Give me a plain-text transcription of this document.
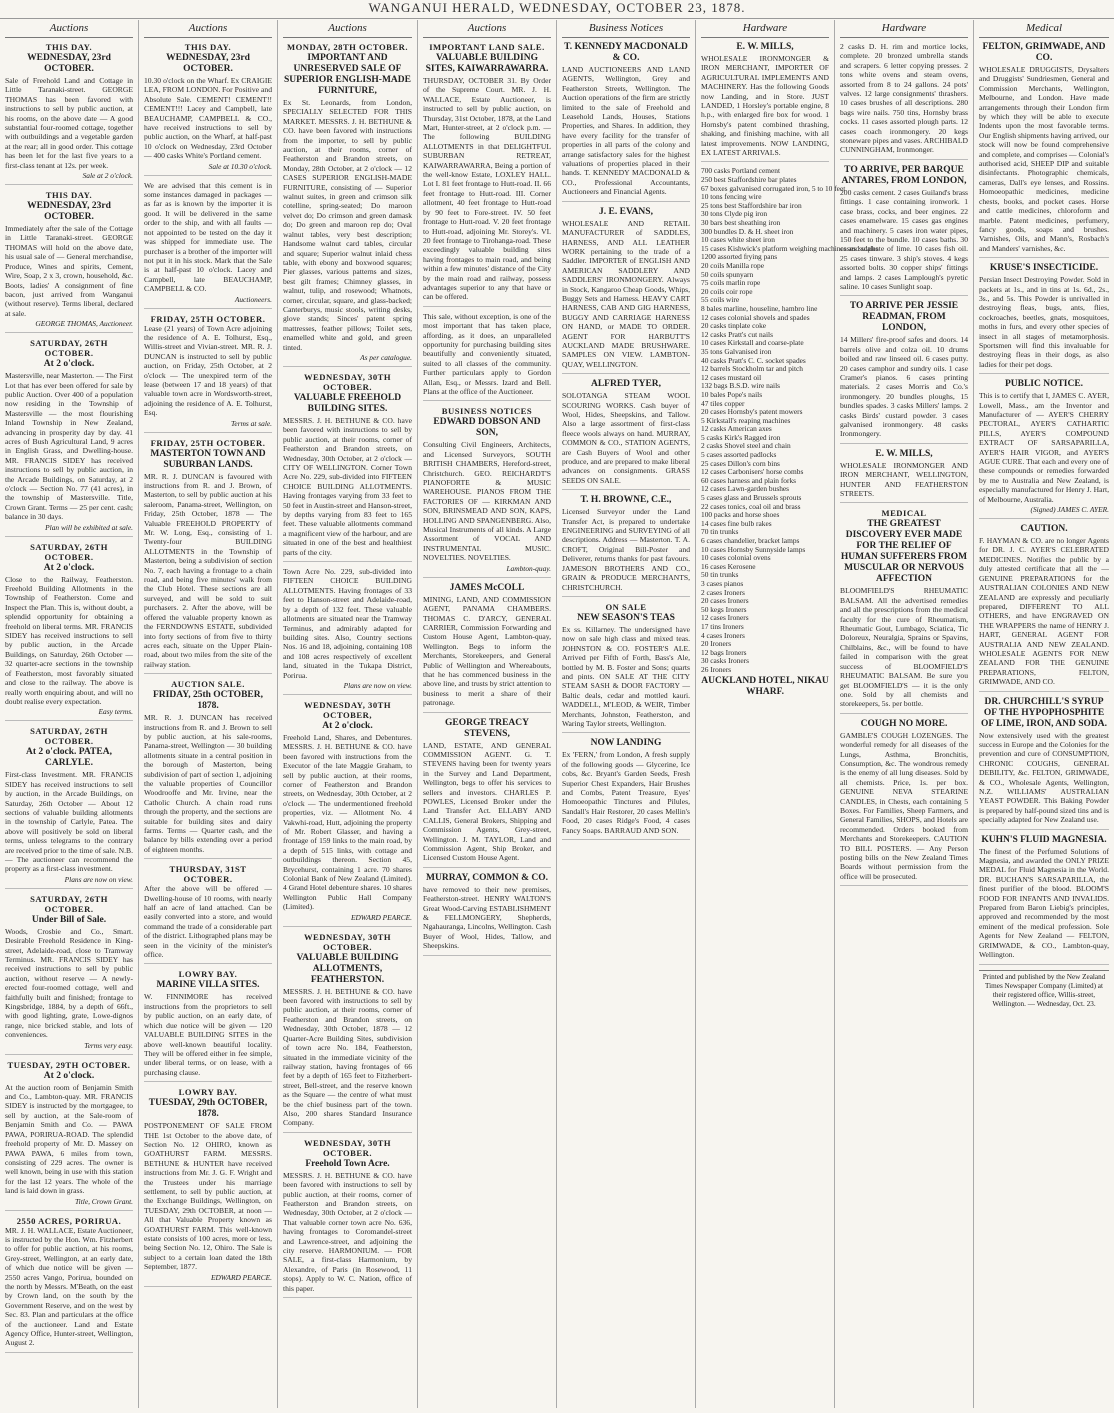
WANGANUI HERALD, WEDNESDAY, OCTOBER 23, 1878.
Auctions
THIS DAY.
WEDNESDAY, 23rd OCTOBER.
Sale of Freehold Land and Cottage in Little Taranaki-street. GEORGE THOMAS has been favored with instructions to sell by public auction, at his rooms, on the above date — A good substantial four-roomed cottage, together with outbuildings and a vegetable garden at the rear; all in good order. This cottage has been let for the last five years to a first-class tenant at 12s. per week.
Sale at 2 o'clock.
THIS DAY.
WEDNESDAY, 23rd OCTOBER.
Immediately after the sale of the Cottage in Little Taranaki-street. GEORGE THOMAS will hold on the above date, his usual sale of — General merchandise, Produce, Wines and spirits, Cement, Wire, Soap, 2 x 3, crown, household, &c. Boots, ladies' A consignment of fine bacon, just arrived from Wanganui (without reserve). Terms liberal, declared at sale.
GEORGE THOMAS, Auctioneer.
SATURDAY, 26TH OCTOBER.
At 2 o'clock.
Mastersville, near Masterton. — The First Lot that has ever been offered for sale by public Auction. Over 400 of a population now residing in the Township of Mastersville — the most flourishing Inland Township in New Zealand, advancing in prosperity day by day. 41 acres of Bush Agricultural Land, 9 acres in English Grass, and Dwelling-house. MR. FRANCIS SIDEY has received instructions to sell by public auction, in the Arcade Buildings, on Saturday, at 2 o'clock — Section No. 77 (41 acres), in the township of Mastersville. Title, Crown Grant. Terms — 25 per cent. cash; balance in 30 days.
Plan will be exhibited at sale.
SATURDAY, 26TH OCTOBER.
At 2 o'clock.
Close to the Railway, Featherston. Freehold Building Allotments in the Township of Featherston. Come and Inspect the Plan. This is, without doubt, a splendid opportunity for obtaining a freehold on liberal terms. MR. FRANCIS SIDEY has received instructions to sell by public auction, in the Arcade Buildings, on Saturday, 26th October — 32 quarter-acre sections in the township of Featherston, most favorably situated and close to the railway. The above is really worth enquiring about, and will no doubt realise every expectation.
Easy terms.
SATURDAY, 26TH OCTOBER.
At 2 o'clock. PATEA, CARLYLE.
First-class Investment. MR. FRANCIS SIDEY has received instructions to sell by auction, in the Arcade Buildings, on Saturday, 26th October — About 12 sections of valuable building allotments in the township of Carlyle, Patea. The above will positively be sold on liberal terms, unless telegrams to the contrary are received prior to the time of sale. N.B. — The auctioneer can recommend the property as a first-class investment.
Plans are now on view.
SATURDAY, 26TH OCTOBER.
Under Bill of Sale.
Woods, Crosbie and Co., Smart. Desirable Freehold Residence in King-street, Adelaide-road, close to Tramway Terminus. MR. FRANCIS SIDEY has received instructions to sell by public auction, without reserve — A newly-erected four-roomed cottage, well and faithfully built and finished; frontage to Kingsbridge, 1884, by a depth of 66ft., with good lighting, grate, Lowe-dignos range, nice bricked stable, and lots of conveniences.
Terms very easy.
TUESDAY, 29TH OCTOBER.
At 2 o'clock.
At the auction room of Benjamin Smith and Co., Lambton-quay. MR. FRANCIS SIDEY is instructed by the mortgagee, to sell by auction, at the Sale-room of Benjamin Smith and Co. — PAWA PAWA, PORIRUA-ROAD. The splendid freehold property of Mr. D. Massey on PAWA PAWA, 6 miles from town, consisting of 229 acres. The owner is well known, being in use with this station for the last 12 years. The whole of the land is laid down in grass.
Title, Crown Grant.
2550 ACRES, PORIRUA.
MR. J. H. WALLACE, Estate Auctioneer, is instructed by the Hon. Wm. Fitzherbert to offer for public auction, at his rooms, Grey-street, Wellington, at an early date, of which due notice will be given — 2550 acres Vango, Porirua, bounded on the north by Messrs. M'Beath, on the east by Crown land, on the south by the Government Reserve, and on the west by Sec. 83. Plan and particulars at the office of the auctioneer. Land and Estate Agency Office, Hunter-street, Wellington, August 2.
Auctions
THIS DAY.
WEDNESDAY, 23rd OCTOBER.
10.30 o'clock on the Wharf. Ex CRAIGIE LEA, FROM LONDON. For Positive and Absolute Sale. CEMENT! CEMENT!! CEMENT!!! Lacey and Campbell, late BEAUCHAMP, CAMPBELL & CO., have received instructions to sell by public auction, on the Wharf, at half-past 10 o'clock on Wednesday, 23rd October — 400 casks White's Portland cement.
Sale at 10.30 o'clock.
We are advised that this cement is in some instances damaged in packages — as far as is known by the importer it is good. It will be delivered in the same order to the ship, and with all faults — not appointed to be tested on the day it was shipped for immediate use. The purchaser is a brother of the importer will not put it in his stock. Mark that the Sale is at half-past 10 o'clock. Lacey and Campbell, late BEAUCHAMP, CAMPBELL & CO.
Auctioneers.
FRIDAY, 25TH OCTOBER.
Lease (21 years) of Town Acre adjoining the residence of A. E. Tolhurst, Esq., Willis-street and Vivian-street. MR. R. J. DUNCAN is instructed to sell by public auction, on Friday, 25th October, at 2 o'clock — The unexpired term of the lease (between 17 and 18 years) of that valuable town acre in Wordsworth-street, adjoining the residence of A. E. Tolhurst, Esq.
Terms at sale.
FRIDAY, 25TH OCTOBER.
MASTERTON TOWN AND SUBURBAN LANDS.
MR. R. J. DUNCAN is favoured with instructions from R. and J. Brown, of Masterton, to sell by public auction at his saleroom, Panama-street, Wellington, on Friday, 25th October, 1878 — The Valuable FREEHOLD PROPERTY of Mr. W. Long, Esq., consisting of 1. Twenty-four BUILDING ALLOTMENTS in the Township of Masterton, being a subdivision of section No. 7, each having a frontage to a chain road, and being five minutes' walk from the Club Hotel. These sections are all surveyed, and will be sold to suit purchasers. 2. After the above, will be offered the valuable property known as the FERNDOWNS ESTATE, subdivided into forty sections of from five to thirty acres each, situate on the Upper Plain-road, about two miles from the site of the railway station.
AUCTION SALE.
FRIDAY, 25th OCTOBER, 1878.
MR. R. J. DUNCAN has received instructions from R. and J. Brown to sell by public auction, at his sale-rooms, Panama-street, Wellington — 30 building allotments situate in a central position in the borough of Masterton, being subdivision of part of section 1, adjoining the valuable properties of Councillor Woodrooffe and Mr. Irvine, near the Catholic Church. A chain road runs through the property, and the sections are suitable for building sites and dairy farms. Terms — Quarter cash, and the balance by bills extending over a period of eighteen months.
THURSDAY, 31ST OCTOBER.
After the above will be offered — Dwelling-house of 10 rooms, with nearly half an acre of land attached. Can be easily converted into a store, and would command the trade of a considerable part of the district. Lithographed plans may be seen in the vicinity of the minister's office.
LOWRY BAY.
MARINE VILLA SITES.
W. FINNIMORE has received instructions from the proprietors to sell by public auction, on an early date, of which due notice will be given — 120 VALUABLE BUILDING SITES in the above well-known beautiful locality. They will be offered either in fee simple, under liberal terms, or on lease, with a purchasing clause.
LOWRY BAY.
TUESDAY, 29th OCTOBER, 1878.
POSTPONEMENT OF SALE FROM THE 1st October to the above date, of Section No. 12 OHIRO, known as GOATHURST FARM. MESSRS. BETHUNE & HUNTER have received instructions from Mr. J. G. F. Wright and the Trustees under his marriage settlement, to sell by public auction, at the Exchange Buildings, Wellington, on TUESDAY, 29th OCTOBER, at noon — All that Valuable Property known as GOATHURST FARM. This well-known estate consists of 100 acres, more or less, being Section No. 12, Ohiro. The Sale is subject to a certain loan dated the 18th September, 1877.
EDWARD PEARCE.
Auctions
MONDAY, 28TH OCTOBER.
IMPORTANT AND UNRESERVED SALE OF SUPERIOR ENGLISH-MADE FURNITURE,
Ex St. Leonards, from London, SPECIALLY SELECTED FOR THIS MARKET. MESSRS. J. H. BETHUNE & CO. have been favored with instructions from the importer, to sell by public auction, at their rooms, corner of Featherston and Brandon streets, on Monday, 28th October, at 2 o'clock — 12 CASES SUPERIOR ENGLISH-MADE FURNITURE, consisting of — Superior walnut suites, in green and crimson silk cotelline, spring-seated; Do maroon velvet do; Do crimson and green damask do; Do green and maroon rep do; Oval walnut tables, very best description; Handsome walnut card tables, circular and square; Superior walnut inlaid chess table, with ebony and boxwood squares; Pier glasses, various patterns and sizes, best gilt frames; Chimney glasses, in walnut, tulip, and rosewood; Whatnots, corner, circular, square, and glass-backed; Canterburys, music stools, writing desks, glove stands; Sinces' patent spring mattresses, feather pillows; Toilet sets, enamelled white and gold, and green tinted.
As per catalogue.
WEDNESDAY, 30TH OCTOBER.
VALUABLE FREEHOLD BUILDING SITES.
MESSRS. J. H. BETHUNE & CO. have been favored with instructions to sell by public auction, at their rooms, corner of Featherston and Brandon streets, on Wednesday, 30th October, at 2 o'clock — CITY OF WELLINGTON. Corner Town Acre No. 229, sub-divided into FIFTEEN CHOICE BUILDING ALLOTMENTS. Having frontages varying from 33 feet to 50 feet in Austin-street and Hanson-street, by depths varying from 83 feet to 165 feet. These valuable allotments command a magnificent view of the harbour, and are situated in one of the best and healthiest parts of the city.
Town Acre No. 229, sub-divided into FIFTEEN CHOICE BUILDING ALLOTMENTS. Having frontages of 33 feet to Hanson-street and Adelaide-road, by a depth of 132 feet. These valuable allotments are situated near the Tramway Terminus, and admirably adapted for building sites. Also, Country sections Nos. 16 and 18, adjoining, containing 108 and 108 acres respectively of excellent land, situated in the Tukapa District, Porirua.
Plans are now on view.
WEDNESDAY, 30TH OCTOBER,
At 2 o'clock.
Freehold Land, Shares, and Debentures. MESSRS. J. H. BETHUNE & CO. have been favored with instructions from the Executor of the late Maggie Graham, to sell by public auction, at their rooms, corner of Featherston and Brandon streets, on Wednesday, 30th October, at 2 o'clock — The undermentioned freehold properties, viz. — Allotment No. 4 Vakwhi-road, Hutt, adjoining the property of Mr. Robert Glasser, and having a frontage of 159 links to the main road, by a depth of 515 links, with cottage and outbuildings thereon. Section 45, Brycehurst, containing 1 acre. 70 shares Colonial Bank of New Zealand (Limited). 4 Grand Hotel debenture shares. 10 shares Wellington Public Hall Company (Limited).
EDWARD PEARCE.
WEDNESDAY, 30TH OCTOBER.
VALUABLE BUILDING ALLOTMENTS, FEATHERSTON.
MESSRS. J. H. BETHUNE & CO. have been favored with instructions to sell by public auction, at their rooms, corner of Featherston and Brandon streets, on Wednesday, 30th October, 1878 — 12 Quarter-Acre Building Sites, subdivision of town acre No. 184, Featherston, situated in the immediate vicinity of the railway station, having frontages of 66 feet by a depth of 165 feet to Fitzherbert-street, Bell-street, and the reserve known as the Square — the centre of what must be the chief business part of the town. Also, 200 shares Standard Insurance Company.
WEDNESDAY, 30TH OCTOBER.
Freehold Town Acre.
MESSRS. J. H. BETHUNE & CO. have been favored with instructions to sell by public auction, at their rooms, corner of Featherston and Brandon streets, on Wednesday, 30th October, at 2 o'clock — That valuable corner town acre No. 636, having frontages to Coromandel-street and Lawrence-street, and adjoining the city reserve. HARMONIUM. — FOR SALE, a first-class Harmonium, by Alexandre, of Paris (in Rosewood, 11 stops). Apply to W. C. Nation, office of this paper.
Auctions
IMPORTANT LAND SALE.
VALUABLE BUILDING SITES, KAIWARRAWARRA.
THURSDAY, OCTOBER 31. By Order of the Supreme Court. MR. J. H. WALLACE, Estate Auctioneer, is instructed to sell by public auction, on Thursday, 31st October, 1878, at the Land Mart, Hunter-street, at 2 o'clock p.m. — The following BUILDING ALLOTMENTS in that DELIGHTFUL SUBURBAN RETREAT, KAIWARRAWARRA, Being a portion of the well-know Estate, LOXLEY HALL. Lot I. 81 feet frontage to Hutt-road. II. 66 feet frontage to Hutt-road. III. Corner allotment, 40 feet frontage to Hutt-road by 90 feet to Fore-street. IV. 50 feet frontage to Hutt-road. V. 20 feet frontage to Hutt-road, adjoining Mr. Storey's. VI. 20 feet frontage to Tirohanga-road. These exceedingly valuable building sites having frontages to main road, and being within a few minutes' distance of the City by the main road and railway, possess advantages superior to any that have or can be offered.
This sale, without exception, is one of the most important that has taken place, affording, as it does, an unparalleled opportunity for purchasing building sites beautifully and conveniently situated, suited to all classes of the community. Further particulars apply to Gordon Allan, Esq., or Messrs. Izard and Bell. Plans at the office of the Auctioneer.
BUSINESS NOTICES
EDWARD DOBSON AND SON,
Consulting Civil Engineers, Architects, and Licensed Surveyors, SOUTH BRITISH CHAMBERS, Hereford-street, Christchurch. GEO. REICHARDT'S PIANOFORTE & MUSIC WAREHOUSE. PIANOS FROM THE FACTORIES OF — KIRKMAN AND SON, BRINSMEAD AND SON, KAPS, HOLLING AND SPANGENBERG. Also, Musical Instruments of all kinds. A Large Assortment of VOCAL AND INSTRUMENTAL MUSIC. NOVELTIES. NOVELTIES.
Lambton-quay.
JAMES McCOLL
MINING, LAND, AND COMMISSION AGENT, PANAMA CHAMBERS. THOMAS C. D'ARCY, GENERAL CARRIER, Commission Forwarding and Custom House Agent, Lambton-quay, Wellington. Begs to inform the Merchants, Storekeepers, and General Public of Wellington and Whereabouts, that he has commenced business in the above line, and trusts by strict attention to business to merit a share of their patronage.
GEORGE TREACY STEVENS,
LAND, ESTATE, AND GENERAL COMMISSION AGENT. G. T. STEVENS having been for twenty years in the Survey and Land Department, Wellington, begs to offer his services to sellers and investors. CHARLES P. POWLES, Licensed Broker under the Land Transfer Act. ELLABY AND CALLIS, General Brokers, Shipping and Commission Agents, Grey-street, Wellington. J. M. TAYLOR, Land and Commission Agent, Ship Broker, and Licensed Custom House Agent.
MURRAY, COMMON & CO.
have removed to their new premises, Featherston-street. HENRY WALTON'S Great Wood-Carving ESTABLISHMENT & FELLMONGERY, Shepherds, Ngahauranga, Lincolns, Wellington. Cash Buyer of Wool, Hides, Tallow, and Sheepskins.
Business Notices
T. KENNEDY MACDONALD & CO.
LAND AUCTIONEERS AND LAND AGENTS, Wellington, Grey and Featherston Streets, Wellington. The Auction operations of the firm are strictly limited to the sale of Freehold and Leasehold Lands, Houses, Stations Properties, and Shares. In addition, they have every facility for the transfer of properties in all parts of the colony and arrange satisfactory sales for the highest valuations of properties placed in their hands. T. KENNEDY MACDONALD & CO., Professional Accountants, Auctioneers and Financial Agents.
J. E. EVANS,
WHOLESALE AND RETAIL MANUFACTURER of SADDLES, HARNESS, AND ALL LEATHER WORK pertaining to the trade of a Saddler. IMPORTER of ENGLISH AND AMERICAN SADDLERY AND SADDLERS' IRONMONGERY. Always in Stock, Kangaroo Cheap Goods, Whips, Buggy Sets and Harness. HEAVY CART HARNESS, CAB AND GIG HARNESS, BUGGY AND CARRIAGE HARNESS ON HAND, or MADE TO ORDER. AGENT FOR HARBUTT'S AUCKLAND MADE BRUSHWARE. SAMPLES ON VIEW. LAMBTON-QUAY, WELLINGTON.
ALFRED TYER,
SOLOTANGA STEAM WOOL SCOURING WORKS. Cash buyer of Wool, Hides, Sheepskins, and Tallow. Also a large assortment of first-class fleece wools always on hand. MURRAY, COMMON & CO., STATION AGENTS, are Cash Buyers of Wool and other produce, and are prepared to make liberal advances on consignments. GRASS SEEDS ON SALE.
T. H. BROWNE, C.E.,
Licensed Surveyor under the Land Transfer Act, is prepared to undertake ENGINEERING and SURVEYING of all descriptions. Address — Masterton. T. A. CROFT, Original Bill-Poster and Deliverer, returns thanks for past favours. JAMESON BROTHERS AND CO., GRAIN & PRODUCE MERCHANTS, CHRISTCHURCH.
ON SALE
NEW SEASON'S TEAS
Ex ss. Killarney. The undersigned have now on sale high class and mixed teas. JOHNSTON & CO. FOSTER'S ALE. Arrived per Fifth of Forth, Bass's Ale, bottled by M. B. Foster and Sons; quarts and pints. ON SALE AT THE CITY STEAM SASH & DOOR FACTORY — Baltic deals, cedar and mottled kauri. WADDELL, M'LEOD, & WEIR, Timber Merchants, Johnston, Featherston, and Waring Taylor streets, Wellington.
NOW LANDING
Ex 'FERN,' from London, A fresh supply of the following goods — Glycerine, Ice cobs, &c. Bryant's Garden Seeds, Fresh Superior Chest Expanders, Hair Brushes and Combs, Patent Treasure, Eyes' Homoeopathic Tinctures and Pilules, Sandall's Hair Restorer, 20 cases Mellin's Food, 20 cases Ridge's Food, 4 cases Fancy Soaps. BARRAUD AND SON.
Hardware
E. W. MILLS,
WHOLESALE IRONMONGER & IRON MERCHANT, IMPORTER OF AGRICULTURAL IMPLEMENTS AND MACHINERY. Has the following Goods now Landing, and in Store. JUST LANDED, 1 Horsley's portable engine, 8 h.p., with enlarged fire box for wood. 1 Hornsby's patent combined thrashing, shaking, and finishing machine, with all latest improvements. NOW LANDING, EX LATEST ARRIVALS.
700 casks Portland cement
250 best Staffordshire bar plates
67 boxes galvanised corrugated iron, 5 to 10 feet
10 tons fencing wire
25 tons best Staffordshire bar iron
30 tons Clyde pig iron
30 bars best sheathing iron
300 bundles D. & H. sheet iron
10 cases white sheet iron
15 cases Kishwick's platform weighing machines and scales
1200 assorted frying pans
20 coils Manilla rope
50 coils spunyarn
75 coils marlin rope
20 coils coir rope
55 coils wire
8 bales marline, houseline, hambro line
12 cases colonial shovels and spades
20 casks tinplate coke
12 casks Pratt's cut nails
10 cases Kirkstall and coarse-plate
35 tons Galvanised iron
40 casks Pratt's C. C. socket spades
12 barrels Stockholm tar and pitch
12 cases mustard oil
132 bags B.S.D. wire nails
10 bales Pope's nails
47 tiles copper
20 cases Hornsby's patent mowers
5 Kirkstall's reaping machines
12 casks American axes
5 casks Kirk's Ragged iron
2 casks Shovel steel and chain
5 cases assorted padlocks
25 cases Dillon's corn bins
12 cases Carbonisers' horse combs
60 cases harness and plain forks
12 cases Lawn-garden bushes
5 cases glass and Brussels sprouts
22 cases tonics, coal oil and brass
100 packs and horse shoes
14 cases fine bulb rakes
70 tin trunks
6 cases chandelier, bracket lamps
10 cases Hornsby Sunnyside lamps
10 cases colonial ovens
16 cases Kerosene
50 tin trunks
3 cases pianos
2 cases Ironers
20 cases Ironers
50 kegs Ironers
12 cases Ironers
17 tins Ironers
4 cases Ironers
20 Ironers
12 bags Ironers
30 casks Ironers
26 Ironers
AUCKLAND HOTEL, NIKAU WHARF.
Hardware
2 casks D. H. rim and mortice locks, complete. 20 bronzed umbrella stands and scrapers. 6 letter copying presses. 2 tons white ovens and steam ovens, assorted from 8 to 24 gallons. 24 pots' valves. 12 large consignments' thrashers. 10 cases brushes of all descriptions. 280 bags wire nails. 750 tins, Hornsby brass cocks. 11 cases assorted plough parts. 12 cases coach ironmongery. 20 kegs stoneware pipes and vases. ARCHIBALD CUNNINGHAM, Ironmonger.
TO ARRIVE, PER BARQUE ANTARES, FROM LONDON,
200 casks cement. 2 cases Guiland's brass fittings. 1 case containing ironwork. 1 case brass, cocks, and beer engines. 22 cases enamelware. 15 cases gas engines and machinery. 5 cases iron water pipes, 150 feet to the bundle. 10 cases baths. 30 cases sulphate of lime. 10 cases fish oil. 25 cases tinware. 3 ship's stoves. 4 kegs assorted bolts. 30 copper ships' fittings and lamps. 2 cases Lamplough's pyretic saline. 10 cases Sunlight soap.
TO ARRIVE PER JESSIE READMAN, FROM LONDON,
14 Millers' fire-proof safes and doors. 14 barrels olive and colza oil. 10 drums boiled and raw linseed oil. 6 cases putty. 20 cases camphor and sundry oils. 1 case Cramer's pianos. 6 cases printing materials. 2 cases Morris and Co.'s ironmongery. 20 bundles ploughs, 15 bundles spades. 3 casks Millers' lamps. 2 casks Birds' custard powder. 3 cases galvanised ironmongery. 48 casks Ironmongery.
E. W. MILLS,
WHOLESALE IRONMONGER AND IRON MERCHANT, WELLINGTON, HUNTER AND FEATHERSTON STREETS.
MEDICAL
THE GREATEST DISCOVERY EVER MADE FOR THE RELIEF OF HUMAN SUFFERERS FROM MUSCULAR OR NERVOUS AFFECTION
BLOOMFIELD'S RHEUMATIC BALSAM. All the advertised remedies and all the prescriptions from the medical faculty for the cure of Rheumatism, Rheumatic Gout, Lumbago, Sciatica, Tic Doloreux, Neuralgia, Sprains or Spavins, Chilblains, &c., will be found to have failed in comparison with the great success of BLOOMFIELD'S RHEUMATIC BALSAM. Be sure you get BLOOMFIELD'S — it is the only one. Sold by all chemists and storekeepers, 5s. per bottle.
COUGH NO MORE.
GAMBLE'S COUGH LOZENGES. The wonderful remedy for all diseases of the Lungs, Asthma, Bronchitis, Consumption, &c. The wondrous remedy is the enemy of all lung diseases. Sold by all chemists. Price, 1s. per box. GENUINE NEVA STEARINE CANDLES, in Chests, each containing 5 Boxes. For Families, Sheep Farmers, and General Families, SHOPS, and Hotels are recommended. Orders booked from Merchants and Storekeepers. CAUTION TO BILL POSTERS. — Any Person posting bills on the New Zealand Times Boards without permission from the office will be prosecuted.
Medical
FELTON, GRIMWADE, AND CO.
WHOLESALE DRUGGISTS, Drysalters and Druggists' Sundriesmen, General and Commission Merchants, Wellington, Melbourne, and London. Have made arrangements through their London firm by which they will be able to execute Indents upon the most favorable terms. Our English shipments having arrived, our stock will now be found comprehensive and complete, and comprises — Colonial's authorised acid, SHEEP DIP and suitable disinfectants. Photographic chemicals, cameras, Dall's eye lenses, and Rossins. Homoeopathic medicines, medicine chests, books, and pocket cases. Horse and cattle medicines, chloroform and marble. Patent medicines, perfumery, fancy goods, soaps and brushes. Varnishes, Oils, and Mann's, Rosbach's and Manders' varnishes, &c.
KRUSE'S INSECTICIDE.
Persian Insect Destroying Powder. Sold in packets at 1s., and in tins at 1s. 6d., 2s., 3s., and 5s. This Powder is unrivalled in destroying fleas, bugs, ants, flies, cockroaches, beetles, gnats, mosquitoes, moths in furs, and every other species of insect in all stages of metamorphosis. Sportsmen will find this invaluable for destroying fleas in their dogs, as also ladies for their pet dogs.
PUBLIC NOTICE.
This is to certify that I, JAMES C. AYER, Lowell, Mass., am the Inventor and Manufacturer of — AYER'S CHERRY PECTORAL, AYER'S CATHARTIC PILLS, AYER'S COMPOUND EXTRACT OF SARSAPARILLA, AYER'S HAIR VIGOR, and AYER'S AGUE CURE. That each and every one of these compounds or remedies forwarded by me to Australia and New Zealand, is especially manufactured for Henry J. Hart, of Melbourne, Australia.
(Signed) JAMES C. AYER.
CAUTION.
F. HAYMAN & CO. are no longer Agents for DR. J. C. AYER'S CELEBRATED MEDICINES. Notifies the public by a duly attested certificate that all the — GENUINE PREPARATIONS for the AUSTRALIAN COLONIES AND NEW ZEALAND are expressly and peculiarly prepared, DIFFERENT TO ALL OTHERS, and have ENGRAVED ON THE WRAPPERS the name of HENRY J. HART, GENERAL AGENT FOR AUSTRALIA AND NEW ZEALAND. WHOLESALE AGENTS FOR NEW ZEALAND FOR THE GENUINE PREPARATIONS, FELTON, GRIMWADE, AND CO.
DR. CHURCHILL'S SYRUP OF THE HYPOPHOSPHITE OF LIME, IRON, AND SODA.
Now extensively used with the greatest success in Europe and the Colonies for the prevention and cure of CONSUMPTION, CHRONIC COUGHS, GENERAL DEBILITY, &c. FELTON, GRIMWADE, & CO., Wholesale Agents, Wellington, N.Z. WILLIAMS' AUSTRALIAN YEAST POWDER. This Baking Powder is prepared by half-pound sized tins and is specially adapted for New Zealand use.
KUHN'S FLUID MAGNESIA.
The finest of the Perfumed Solutions of Magnesia, and awarded the ONLY PRIZE MEDAL for Fluid Magnesia in the World. DR. BUCHAN'S SARSAPARILLA, the finest purifier of the blood. BLOOM'S FOOD FOR INFANTS AND INVALIDS. Prepared from Baron Liebig's principles, approved and recommended by the most eminent of the medical profession. Sole Agents for New Zealand — FELTON, GRIMWADE, & CO., Lambton-quay, Wellington.
Printed and published by the New Zealand Times Newspaper Company (Limited) at their registered office, Willis-street, Wellington. — Wednesday, Oct. 23.
